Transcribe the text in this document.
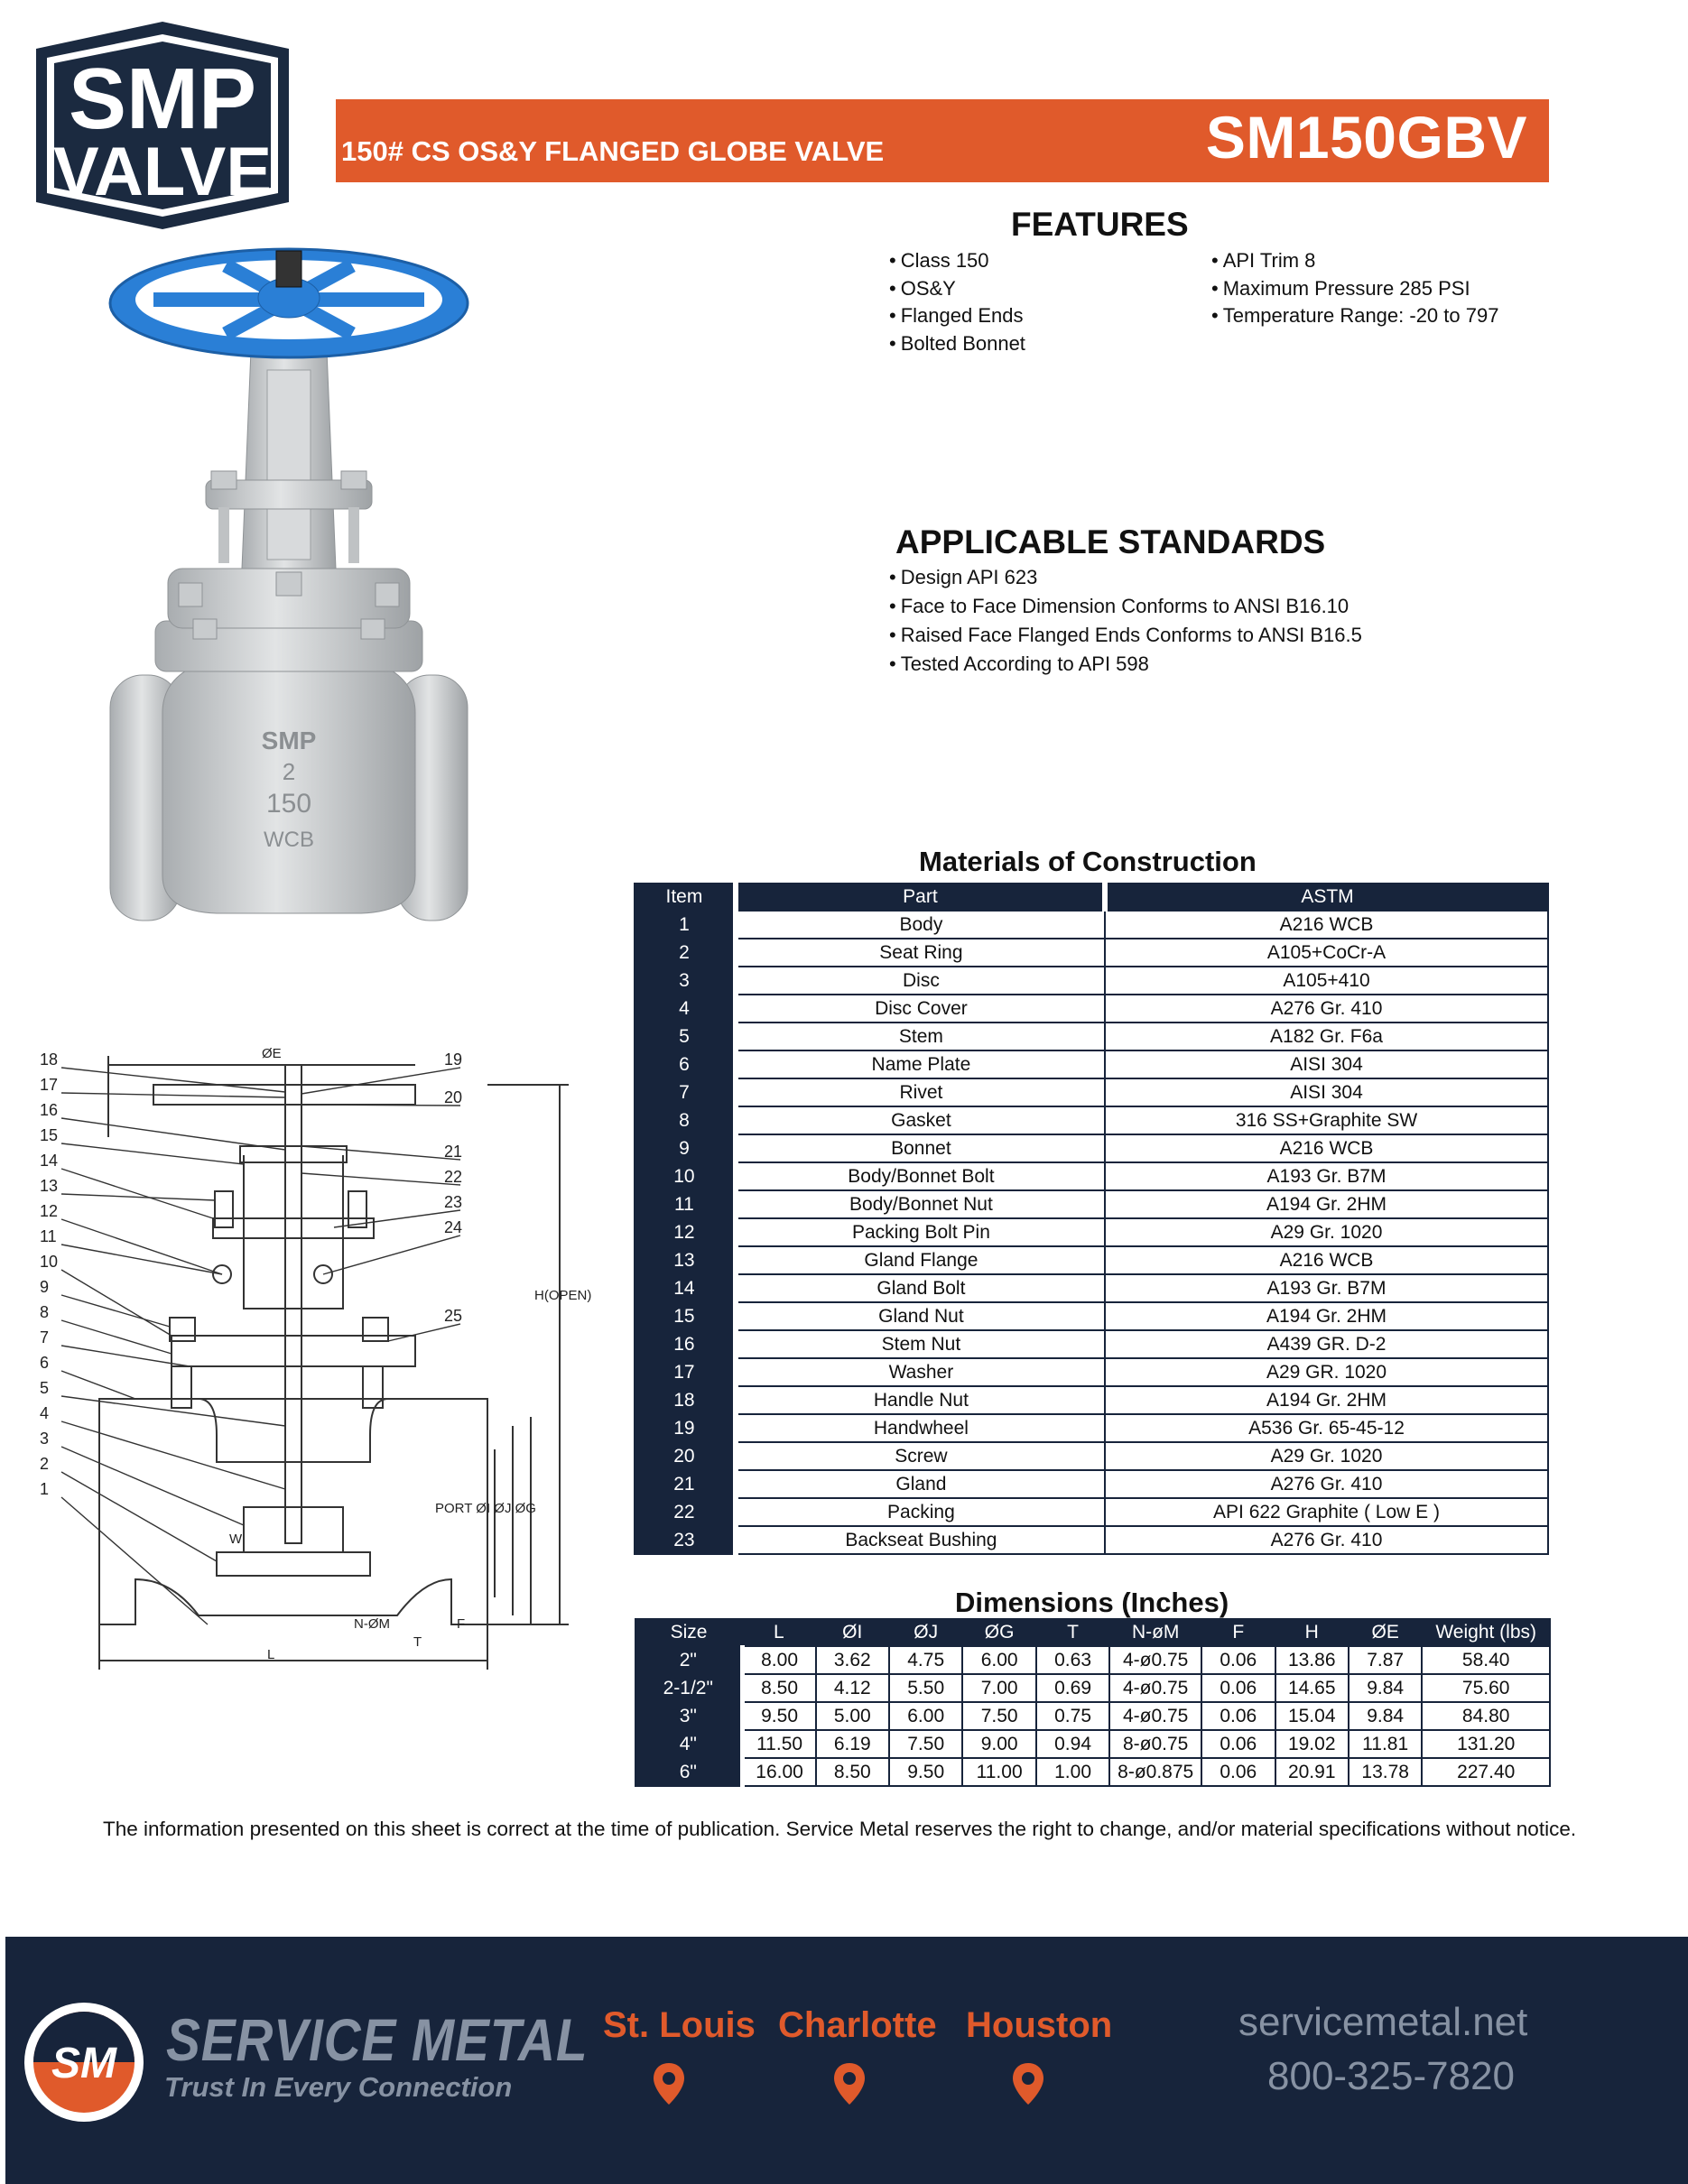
SMP
VALVE 150# CS OS&Y FLANGED GLOBE VALVE	SM150GBV
FEATURES
• Class 150
• OS&Y
• Flanged Ends
• Bolted Bonnet
• API Trim 8
• Maximum Pressure 285 PSI
• Temperature Range: -20 to 797
APPLICABLE STANDARDS
• Design API 623
• Face to Face Dimension Conforms to ANSI B16.10
• Raised Face Flanged Ends Conforms to ANSI B16.5
• Tested According to API 598
SMP
2
150
WCB
18
17
16
15
14
13
12
11
10
9
8
7
6
5
4
3
2
1
19
20
21
22
23
24
25
ØE
H(OPEN)
PORT ØI ØJ ØG
W
N-ØM	F
T
L
Materials of Construction
Item	Part	ASTM
1	Body	A216 WCB
2	Seat Ring	A105+CoCr-A
3	Disc	A105+410
4	Disc Cover	A276 Gr. 410
5	Stem	A182 Gr. F6a
6	Name Plate	AISI 304
7	Rivet	AISI 304
8	Gasket	316 SS+Graphite SW
9	Bonnet	A216 WCB
10	Body/Bonnet Bolt	A193 Gr. B7M
11	Body/Bonnet Nut	A194 Gr. 2HM
12	Packing Bolt Pin	A29 Gr. 1020
13	Gland Flange	A216 WCB
14	Gland Bolt	A193 Gr. B7M
15	Gland Nut	A194 Gr. 2HM
16	Stem Nut	A439 GR. D-2
17	Washer	A29 GR. 1020
18	Handle Nut	A194 Gr. 2HM
19	Handwheel	A536 Gr. 65-45-12
20	Screw	A29 Gr. 1020
21	Gland	A276 Gr. 410
22	Packing	API 622 Graphite ( Low E )
23	Backseat Bushing	A276 Gr. 410
Dimensions (Inches)
Size	L	ØI	ØJ	ØG	T	N-øM	F	H	ØE	Weight (lbs)
2"	8.00	3.62	4.75	6.00	0.63	4-ø0.75	0.06	13.86	7.87	58.40
2-1/2"	8.50	4.12	5.50	7.00	0.69	4-ø0.75	0.06	14.65	9.84	75.60
3"	9.50	5.00	6.00	7.50	0.75	4-ø0.75	0.06	15.04	9.84	84.80
4"	11.50	6.19	7.50	9.00	0.94	8-ø0.75	0.06	19.02	11.81	131.20
6"	16.00	8.50	9.50	11.00	1.00	8-ø0.875	0.06	20.91	13.78	227.40
The information presented on this sheet is correct at the time of publication. Service Metal reserves the right to change, and/or material specifications without notice.
SM SERVICE METAL
Trust In Every Connection
St. Louis Charlotte Houston	servicemetal.net
800-325-7820
